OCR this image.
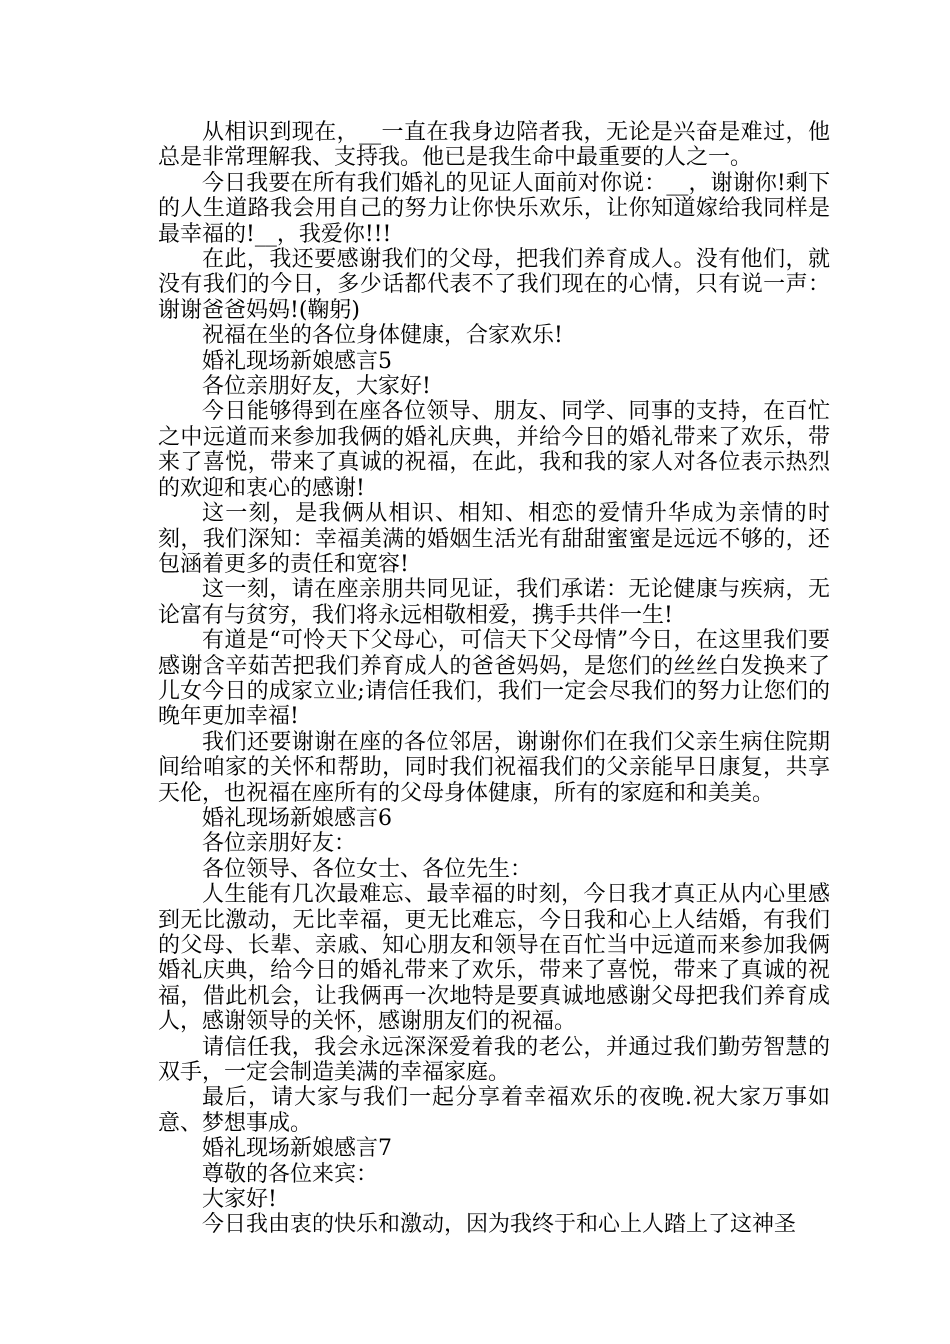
从相识到现在，__一直在我身边陪者我，无论是兴奋是难过，他总是非常理解我、支持我。他已是我生命中最重要的人之一。

今日我要在所有我们婚礼的见证人面前对你说：__，谢谢你!剩下的人生道路我会用自己的努力让你快乐欢乐，让你知道嫁给我同样是最幸福的!__，我爱你!!!

在此，我还要感谢我们的父母，把我们养育成人。没有他们，就没有我们的今日，多少话都代表不了我们现在的心情，只有说一声：谢谢爸爸妈妈!(鞠躬)

祝福在坐的各位身体健康，合家欢乐!

婚礼现场新娘感言5

各位亲朋好友，大家好!

今日能够得到在座各位领导、朋友、同学、同事的支持，在百忙之中远道而来参加我俩的婚礼庆典，并给今日的婚礼带来了欢乐，带来了喜悦，带来了真诚的祝福，在此，我和我的家人对各位表示热烈的欢迎和衷心的感谢!

这一刻，是我俩从相识、相知、相恋的爱情升华成为亲情的时刻，我们深知：幸福美满的婚姻生活光有甜甜蜜蜜是远远不够的，还包涵着更多的责任和宽容!

这一刻，请在座亲朋共同见证，我们承诺：无论健康与疾病，无论富有与贫穷，我们将永远相敬相爱，携手共伴一生!

有道是“可怜天下父母心，可信天下父母情”今日，在这里我们要感谢含辛茹苦把我们养育成人的爸爸妈妈，是您们的丝丝白发换来了儿女今日的成家立业;请信任我们，我们一定会尽我们的努力让您们的晚年更加幸福!

我们还要谢谢在座的各位邻居，谢谢你们在我们父亲生病住院期间给咱家的关怀和帮助，同时我们祝福我们的父亲能早日康复，共享天伦，也祝福在座所有的父母身体健康，所有的家庭和和美美。

婚礼现场新娘感言6

各位亲朋好友：

各位领导、各位女士、各位先生：

人生能有几次最难忘、最幸福的时刻，今日我才真正从内心里感到无比激动，无比幸福，更无比难忘，今日我和心上人结婚，有我们的父母、长辈、亲戚、知心朋友和领导在百忙当中远道而来参加我俩婚礼庆典，给今日的婚礼带来了欢乐，带来了喜悦，带来了真诚的祝福，借此机会，让我俩再一次地特是要真诚地感谢父母把我们养育成人，感谢领导的关怀，感谢朋友们的祝福。

请信任我，我会永远深深爱着我的老公，并通过我们勤劳智慧的双手，一定会制造美满的幸福家庭。

最后，请大家与我们一起分享着幸福欢乐的夜晚.祝大家万事如意、梦想事成。

婚礼现场新娘感言7

尊敬的各位来宾：

大家好!

今日我由衷的快乐和激动，因为我终于和心上人踏上了这神圣
